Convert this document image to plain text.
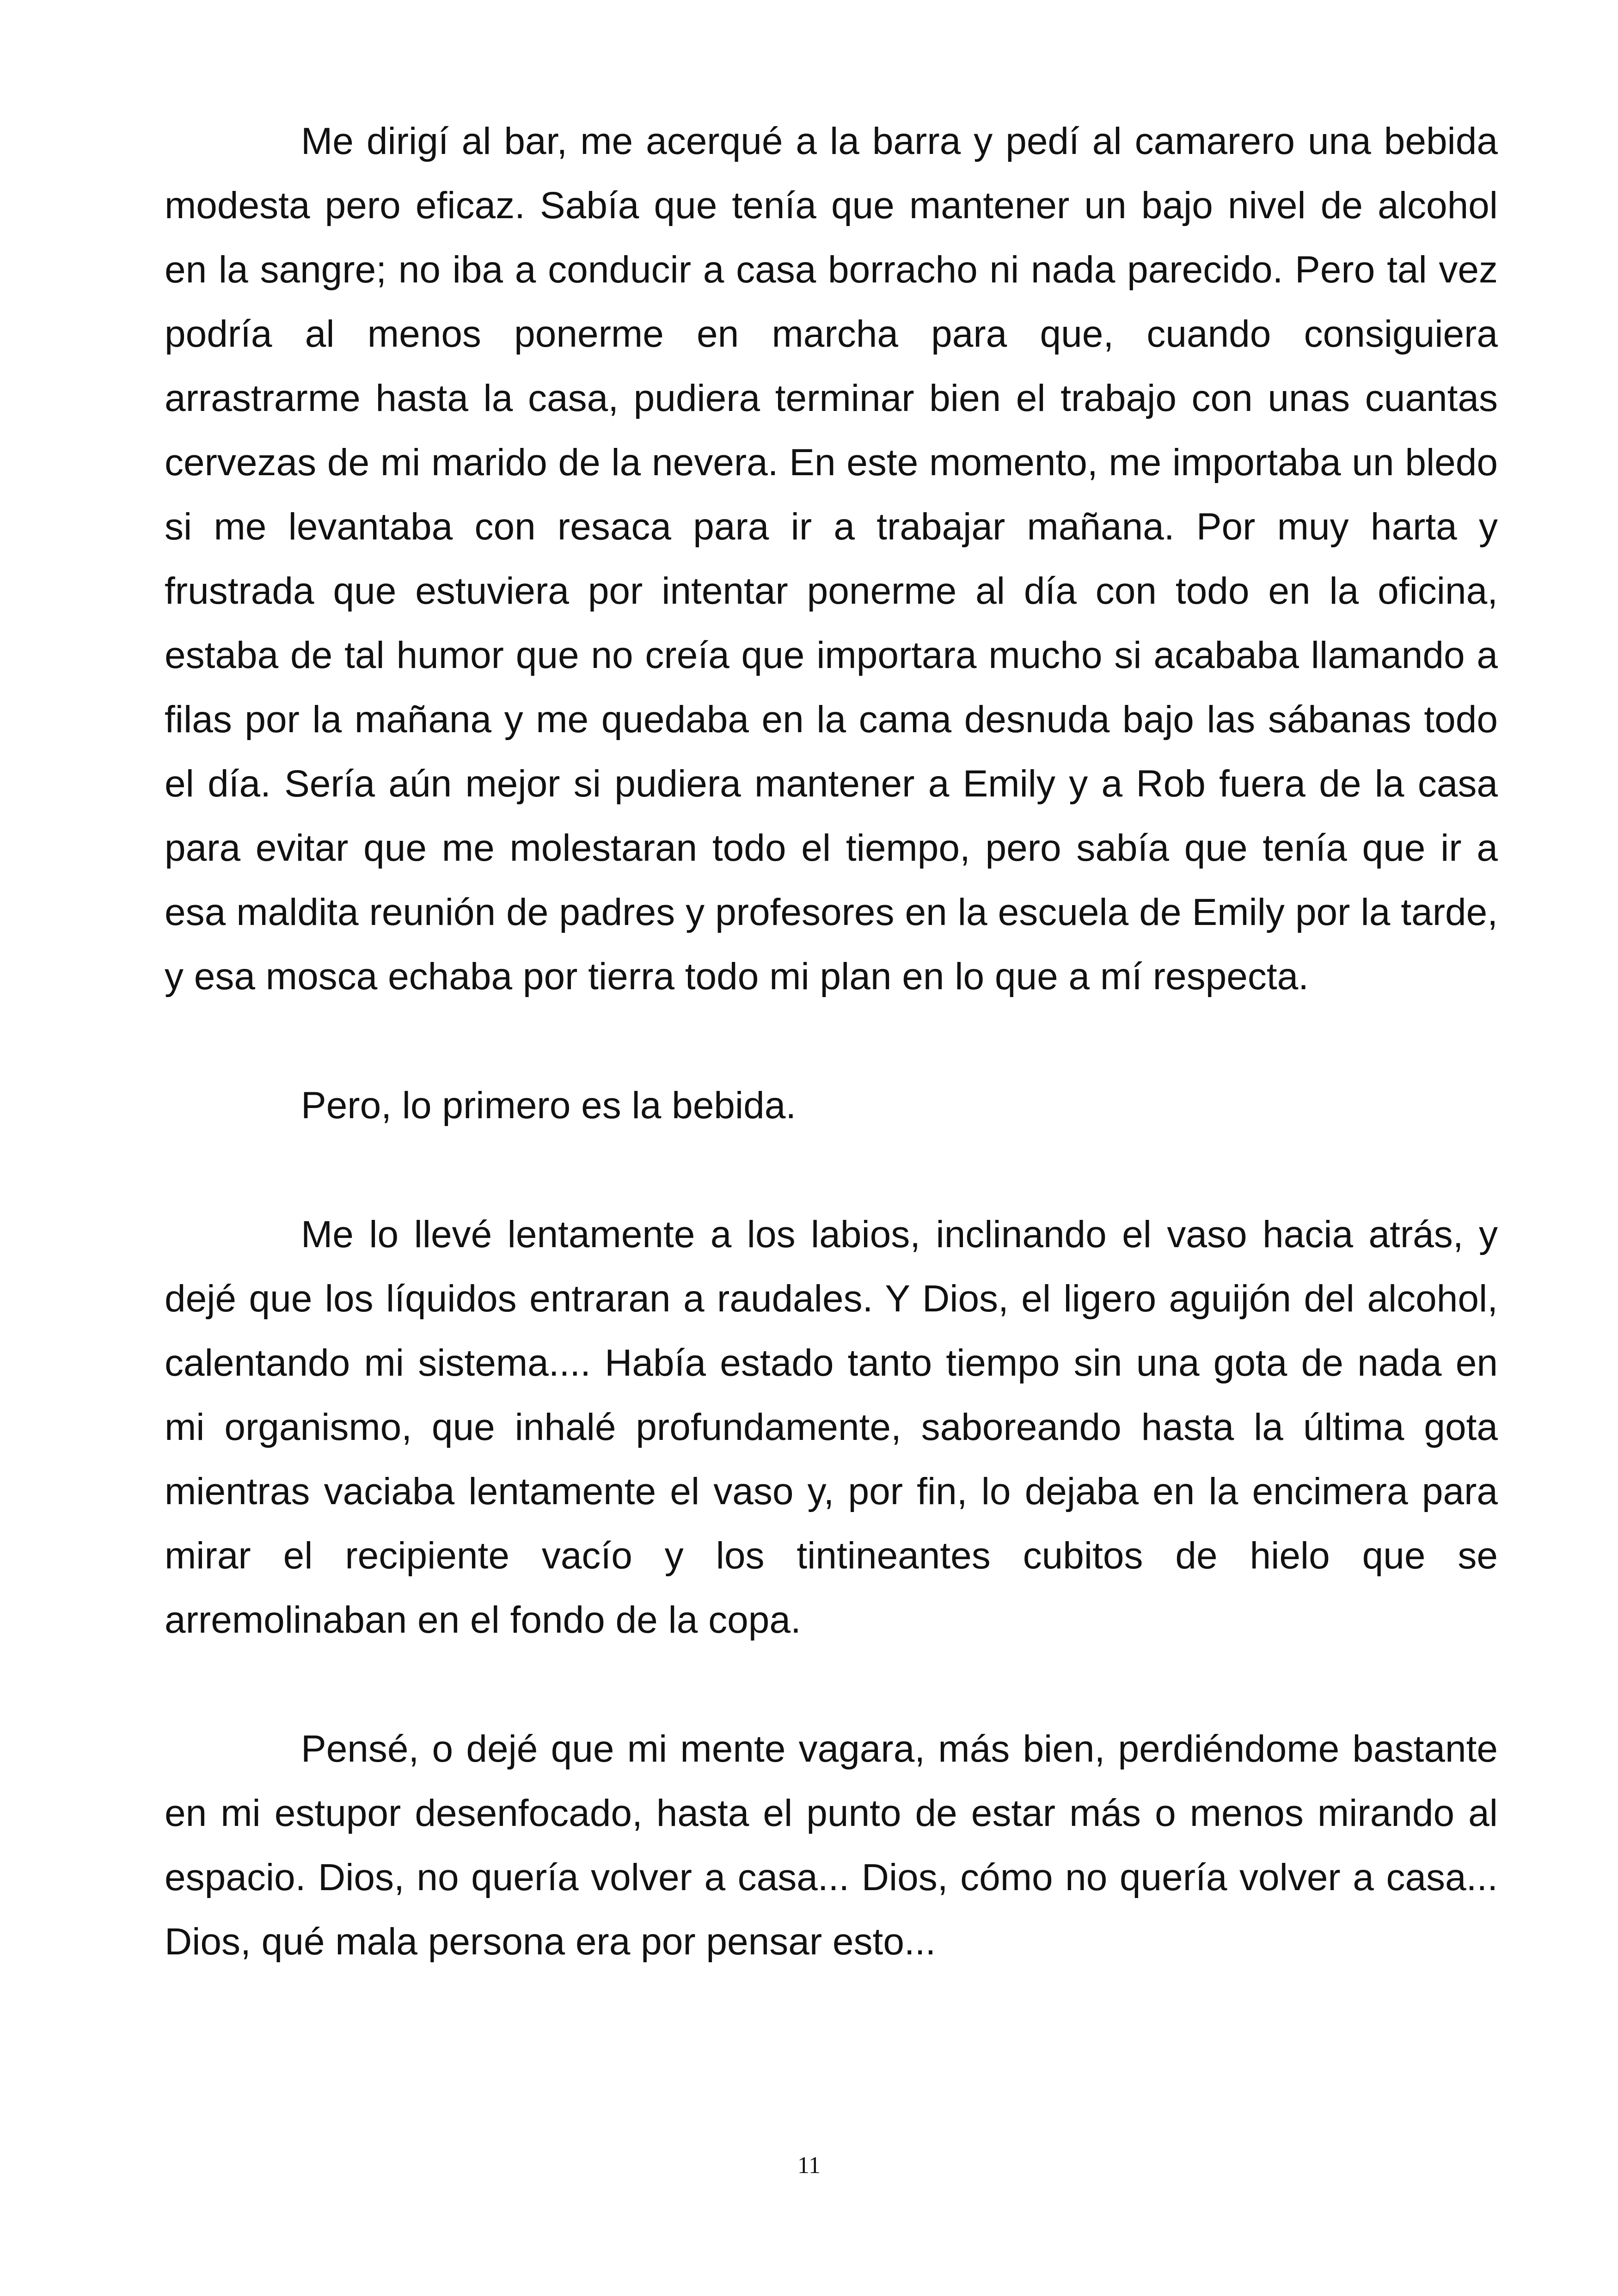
Me dirigí al bar, me acerqué a la barra y pedí al camarero una bebida modesta pero eficaz. Sabía que tenía que mantener un bajo nivel de alcohol en la sangre; no iba a conducir a casa borracho ni nada parecido. Pero tal vez podría al menos ponerme en marcha para que, cuando consiguiera arrastrarme hasta la casa, pudiera terminar bien el trabajo con unas cuantas cervezas de mi marido de la nevera. En este momento, me importaba un bledo si me levantaba con resaca para ir a trabajar mañana. Por muy harta y frustrada que estuviera por intentar ponerme al día con todo en la oficina, estaba de tal humor que no creía que importara mucho si acababa llamando a filas por la mañana y me quedaba en la cama desnuda bajo las sábanas todo el día. Sería aún mejor si pudiera mantener a Emily y a Rob fuera de la casa para evitar que me molestaran todo el tiempo, pero sabía que tenía que ir a esa maldita reunión de padres y profesores en la escuela de Emily por la tarde, y esa mosca echaba por tierra todo mi plan en lo que a mí respecta.

Pero, lo primero es la bebida.

Me lo llevé lentamente a los labios, inclinando el vaso hacia atrás, y dejé que los líquidos entraran a raudales. Y Dios, el ligero aguijón del alcohol, calentando mi sistema.... Había estado tanto tiempo sin una gota de nada en mi organismo, que inhalé profundamente, saboreando hasta la última gota mientras vaciaba lentamente el vaso y, por fin, lo dejaba en la encimera para mirar el recipiente vacío y los tintineantes cubitos de hielo que se arremolinaban en el fondo de la copa.

Pensé, o dejé que mi mente vagara, más bien, perdiéndome bastante en mi estupor desenfocado, hasta el punto de estar más o menos mirando al espacio. Dios, no quería volver a casa... Dios, cómo no quería volver a casa... Dios, qué mala persona era por pensar esto...

11
